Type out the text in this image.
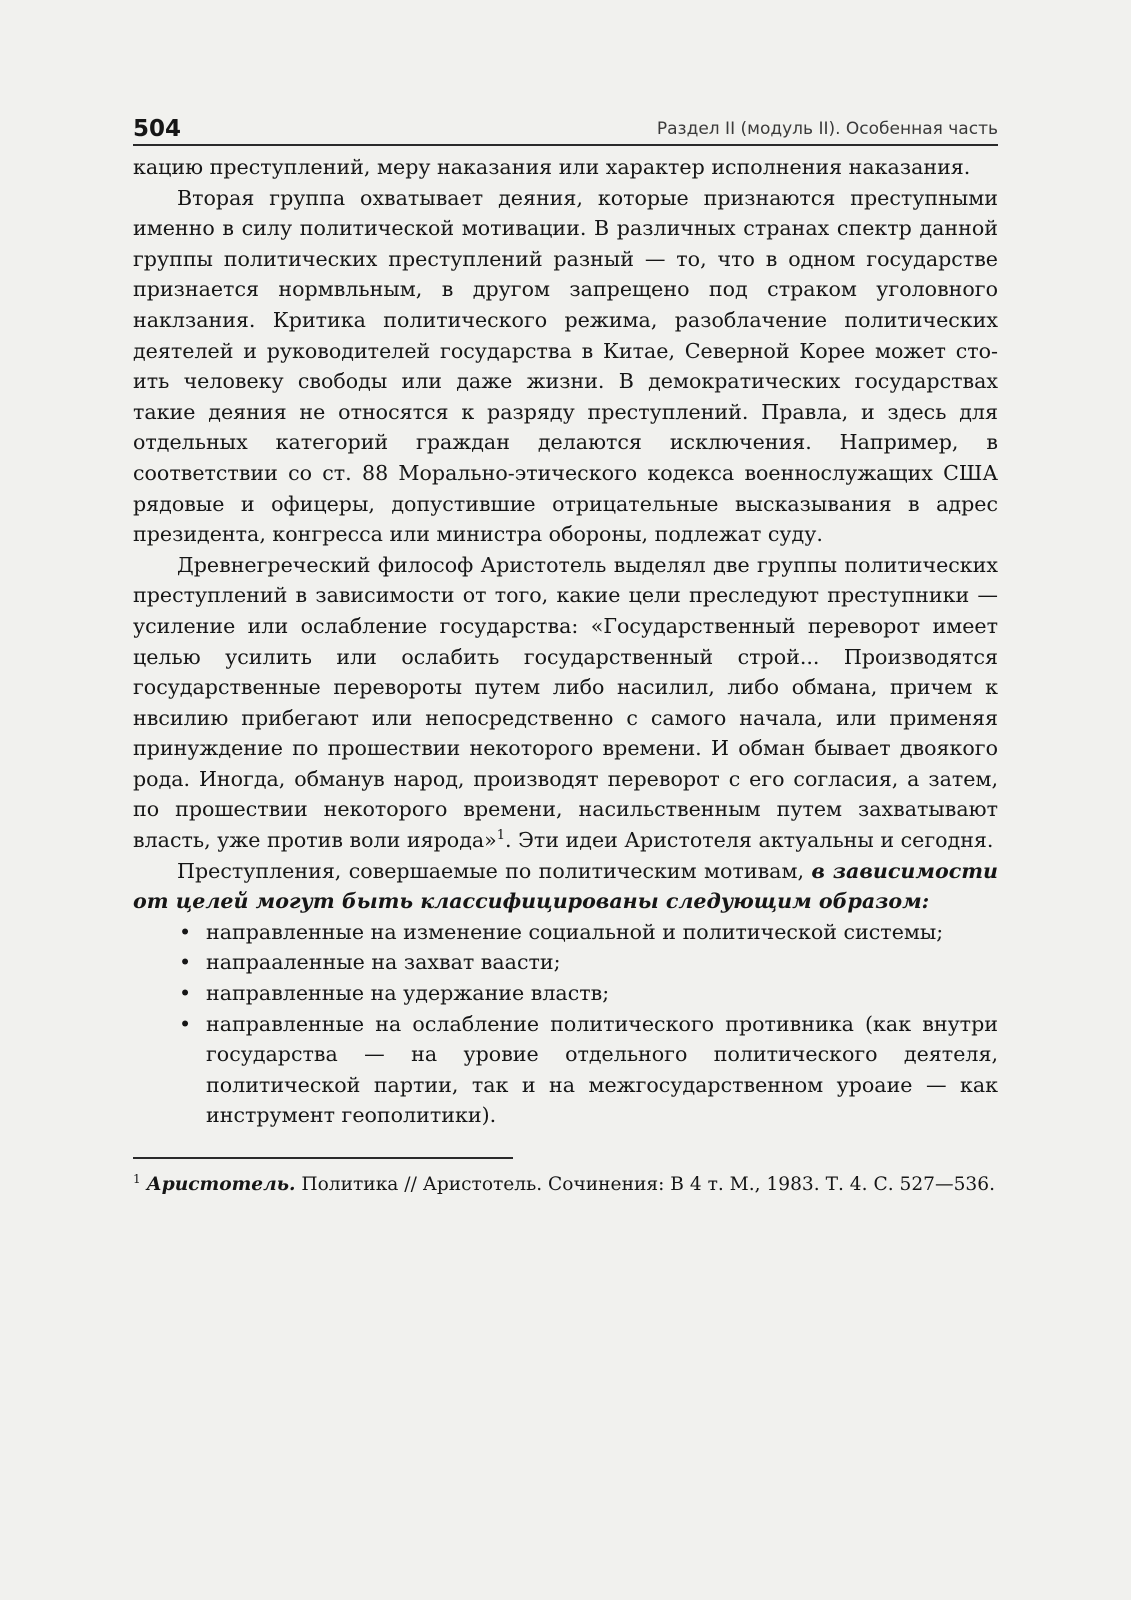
504	Раздел II (модуль II). Особенная часть

кацию преступлений, меру наказания или характер исполнения наказания.

Вторая группа охватывает деяния, которые признаются преступными именно в силу политической мотивации. В различных странах спектр данной группы политических преступлений разный — то, что в одном государстве признается нормвльным, в другом запрещено под страком уголовного наклзания. Критика политического режима, разоблачение политических деятелей и руководителей государства в Китае, Северной Корее может стоить человеку свободы или даже жизни. В демократических государствах такие деяния не относятся к разряду преступлений. Правла, и здесь для отдельных категорий граждан делаются исключения. Например, в соответствии со ст. 88 Морально-этического кодекса военнослужащих США рядовые и офицеры, допустившие отрицательные высказывания в адрес президента, конгресса или министра обороны, подлежат суду.

Древнегреческий философ Аристотель выделял две группы политических преступлений в зависимости от того, какие цели преследуют преступники — усиление или ослабление государства: «Государственный переворот имеет целью усилить или ослабить государственный строй... Производятся государственные перевороты путем либо насилил, либо обмана, причем к нвсилию прибегают или непосредственно с самого начала, или применяя принуждение по прошествии некоторого времени. И обман бывает двоякого рода. Иногда, обманув народ, производят переворот с его согласия, а затем, по прошествии некоторого времени, насильственным путем захватывают власть, уже против воли иярода»$^1$. Эти идеи Аристотеля актуальны и сегодня.

Преступления, совершаемые по политическим мотивам, в зависимости от целей могут быть классифицированы следующим образом:

• направленные на изменение социальной и политической системы;
• напрааленные на захват ваасти;
• направленные на удержание властв;
• направленные на ослабление политического противника (как внутри государства — на уровие отдельного политического деятеля, политической партии, так и на межгосударственном уроаие — как инструмент геополитики).
$^1$ Аристотель. Политика // Аристотель. Сочинения: В 4 т. М., 1983. Т. 4. С. 527—536.
